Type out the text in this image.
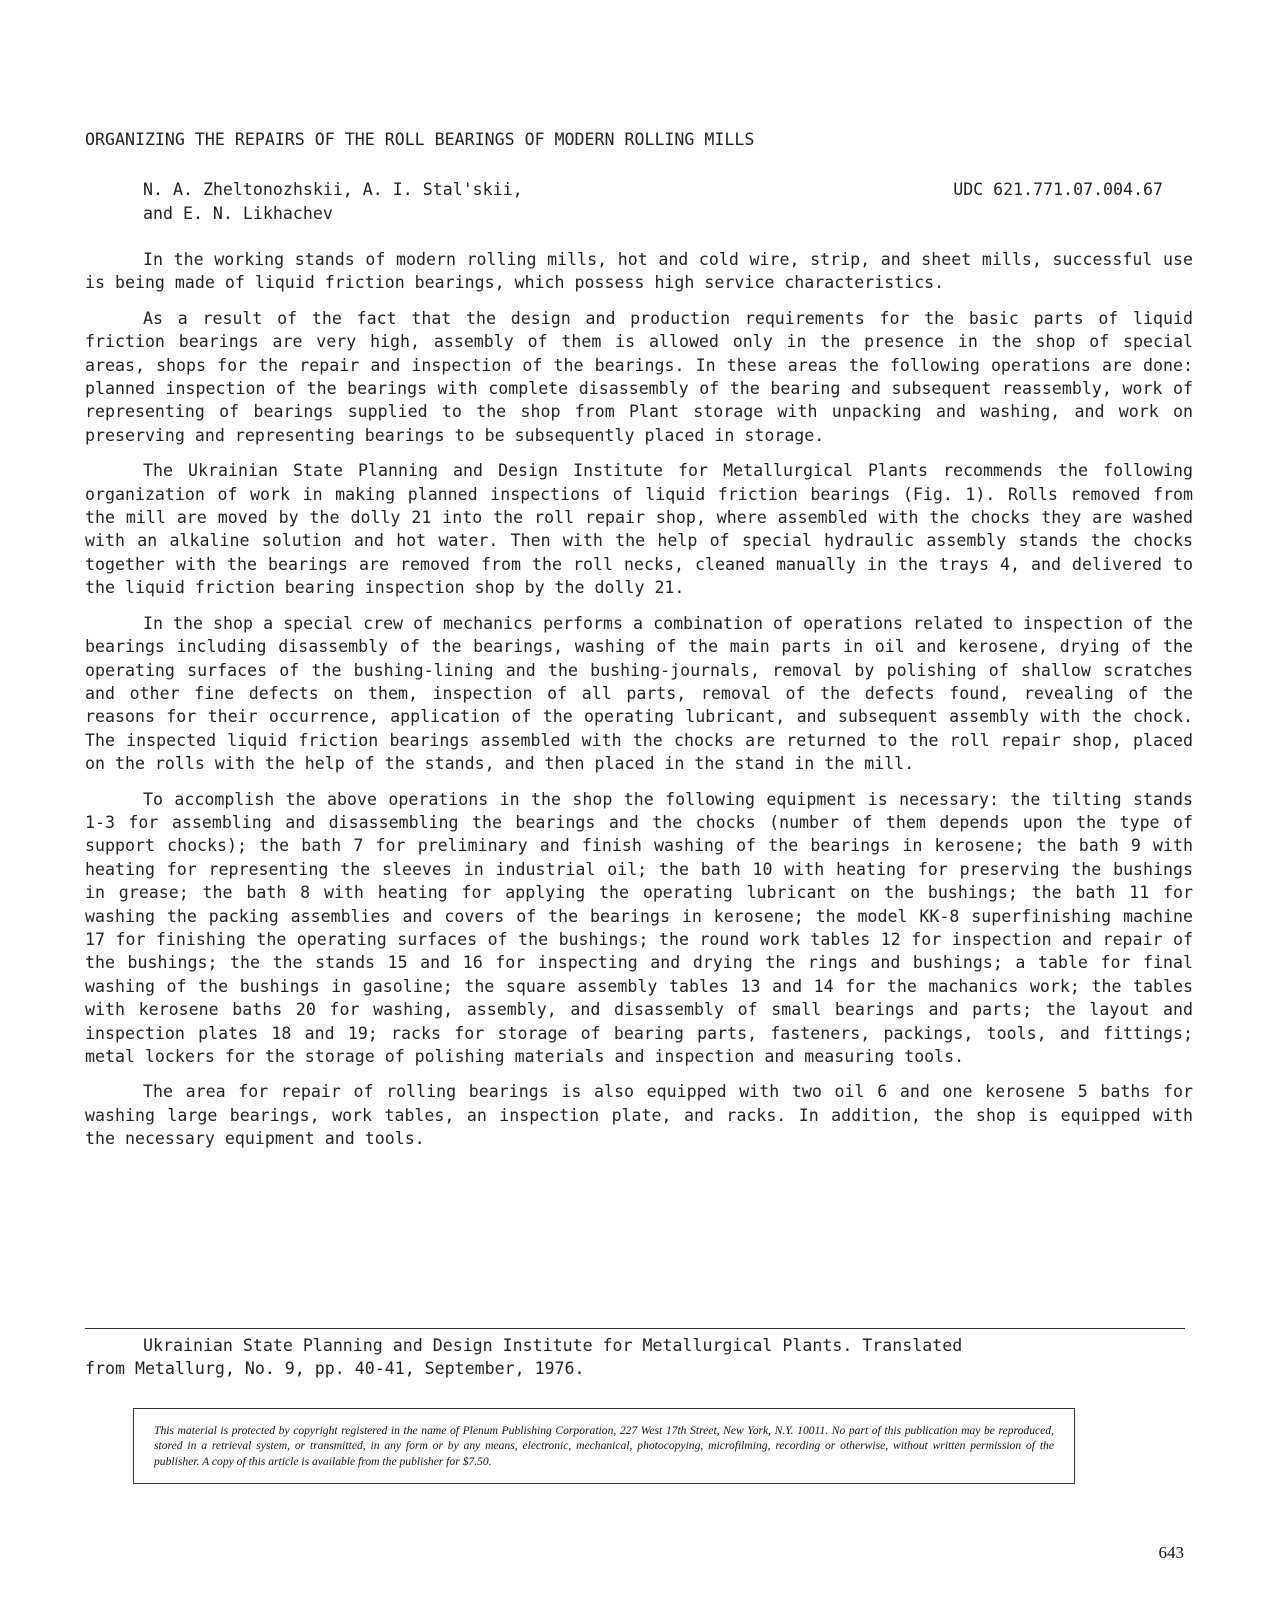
ORGANIZING THE REPAIRS OF THE ROLL BEARINGS OF MODERN ROLLING MILLS
N. A. Zheltonozhskii, A. I. Stal'skii,
and E. N. Likhachev
UDC 621.771.07.004.67

In the working stands of modern rolling mills, hot and cold wire, strip, and sheet mills, successful use is being made of liquid friction bearings, which possess high service characteristics.

As a result of the fact that the design and production requirements for the basic parts of liquid friction bearings are very high, assembly of them is allowed only in the presence in the shop of special areas, shops for the repair and inspection of the bearings. In these areas the following operations are done: planned inspection of the bearings with complete disassembly of the bearing and subsequent reassembly, work of representing of bearings supplied to the shop from Plant storage with unpacking and washing, and work on preserving and representing bearings to be subsequently placed in storage.

The Ukrainian State Planning and Design Institute for Metallurgical Plants recommends the following organization of work in making planned inspections of liquid friction bearings (Fig. 1). Rolls removed from the mill are moved by the dolly 21 into the roll repair shop, where assembled with the chocks they are washed with an alkaline solution and hot water. Then with the help of special hydraulic assembly stands the chocks together with the bearings are removed from the roll necks, cleaned manually in the trays 4, and delivered to the liquid friction bearing inspection shop by the dolly 21.

In the shop a special crew of mechanics performs a combination of operations related to inspection of the bearings including disassembly of the bearings, washing of the main parts in oil and kerosene, drying of the operating surfaces of the bushing-lining and the bushing-journals, removal by polishing of shallow scratches and other fine defects on them, inspection of all parts, removal of the defects found, revealing of the reasons for their occurrence, application of the operating lubricant, and subsequent assembly with the chock. The inspected liquid friction bearings assembled with the chocks are returned to the roll repair shop, placed on the rolls with the help of the stands, and then placed in the stand in the mill.

To accomplish the above operations in the shop the following equipment is necessary: the tilting stands 1-3 for assembling and disassembling the bearings and the chocks (number of them depends upon the type of support chocks); the bath 7 for preliminary and finish washing of the bearings in kerosene; the bath 9 with heating for representing the sleeves in industrial oil; the bath 10 with heating for preserving the bushings in grease; the bath 8 with heating for applying the operating lubricant on the bushings; the bath 11 for washing the packing assemblies and covers of the bearings in kerosene; the model KK-8 superfinishing machine 17 for finishing the operating surfaces of the bushings; the round work tables 12 for inspection and repair of the bushings; the the stands 15 and 16 for inspecting and drying the rings and bushings; a table for final washing of the bushings in gasoline; the square assembly tables 13 and 14 for the machanics work; the tables with kerosene baths 20 for washing, assembly, and disassembly of small bearings and parts; the layout and inspection plates 18 and 19; racks for storage of bearing parts, fasteners, packings, tools, and fittings; metal lockers for the storage of polishing materials and inspection and measuring tools.

The area for repair of rolling bearings is also equipped with two oil 6 and one kerosene 5 baths for washing large bearings, work tables, an inspection plate, and racks. In addition, the shop is equipped with the necessary equipment and tools.

Ukrainian State Planning and Design Institute for Metallurgical Plants. Translated
from Metallurg, No. 9, pp. 40-41, September, 1976.
This material is protected by copyright registered in the name of Plenum Publishing Corporation, 227 West 17th Street, New York, N.Y. 10011. No part of this publication may be reproduced, stored in a retrieval system, or transmitted, in any form or by any means, electronic, mechanical, photocopying, microfilming, recording or otherwise, without written permission of the publisher. A copy of this article is available from the publisher for $7.50.
643
